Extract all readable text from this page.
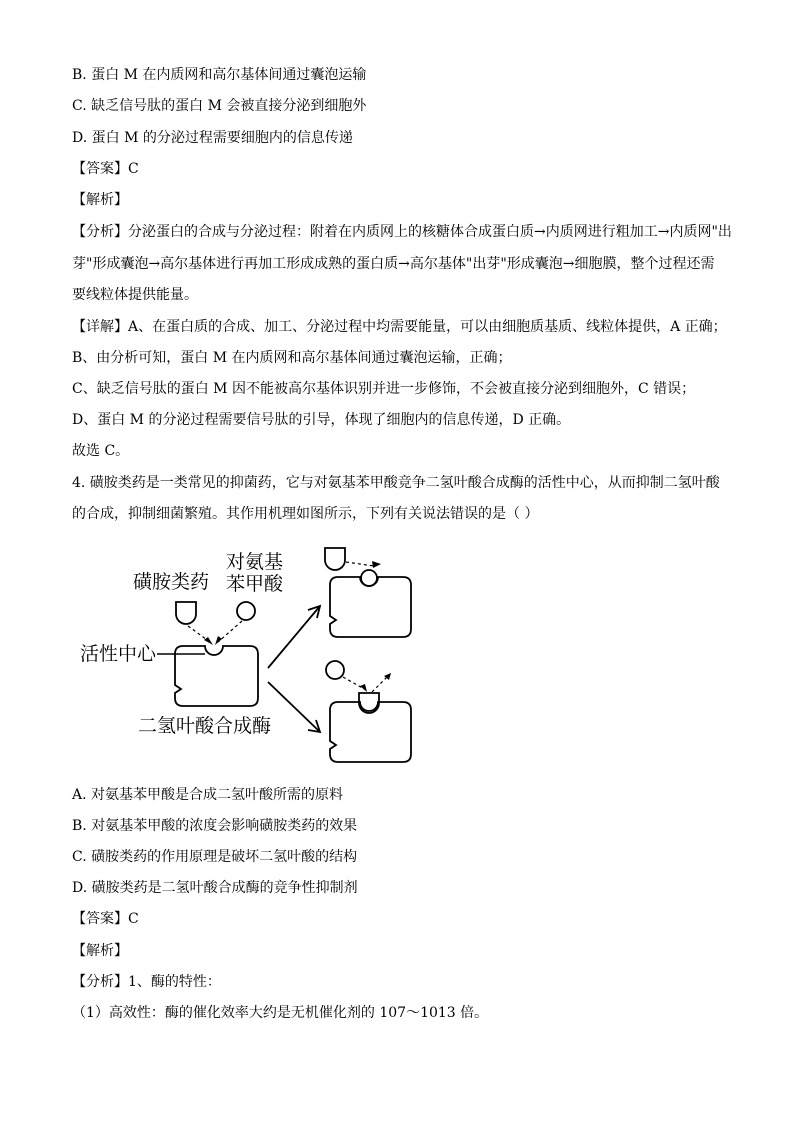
B. 蛋白 M 在内质网和高尔基体间通过囊泡运输
C. 缺乏信号肽的蛋白 M 会被直接分泌到细胞外
D. 蛋白 M 的分泌过程需要细胞内的信息传递
【答案】C
【解析】
【分析】分泌蛋白的合成与分泌过程：附着在内质网上的核糖体合成蛋白质→内质网进行粗加工→内质网"出
芽"形成囊泡→高尔基体进行再加工形成成熟的蛋白质→高尔基体"出芽"形成囊泡→细胞膜，整个过程还需
要线粒体提供能量。
【详解】A、在蛋白质的合成、加工、分泌过程中均需要能量，可以由细胞质基质、线粒体提供，A 正确；
B、由分析可知，蛋白 M 在内质网和高尔基体间通过囊泡运输，正确；
C、缺乏信号肽的蛋白 M 因不能被高尔基体识别并进一步修饰，不会被直接分泌到细胞外，C 错误；
D、蛋白 M 的分泌过程需要信号肽的引导，体现了细胞内的信息传递，D 正确。
故选 C。
4. 磺胺类药是一类常见的抑菌药，它与对氨基苯甲酸竞争二氢叶酸合成酶的活性中心，从而抑制二氢叶酸
的合成，抑制细菌繁殖。其作用机理如图所示，下列有关说法错误的是（ ）
磺胺类药
对氨基
苯甲酸
活性中心
二氢叶酸合成酶
A. 对氨基苯甲酸是合成二氢叶酸所需的原料
B. 对氨基苯甲酸的浓度会影响磺胺类药的效果
C. 磺胺类药的作用原理是破坏二氢叶酸的结构
D. 磺胺类药是二氢叶酸合成酶的竞争性抑制剂
【答案】C
【解析】
【分析】1、酶的特性：
（1）高效性：酶的催化效率大约是无机催化剂的 107～1013 倍。
